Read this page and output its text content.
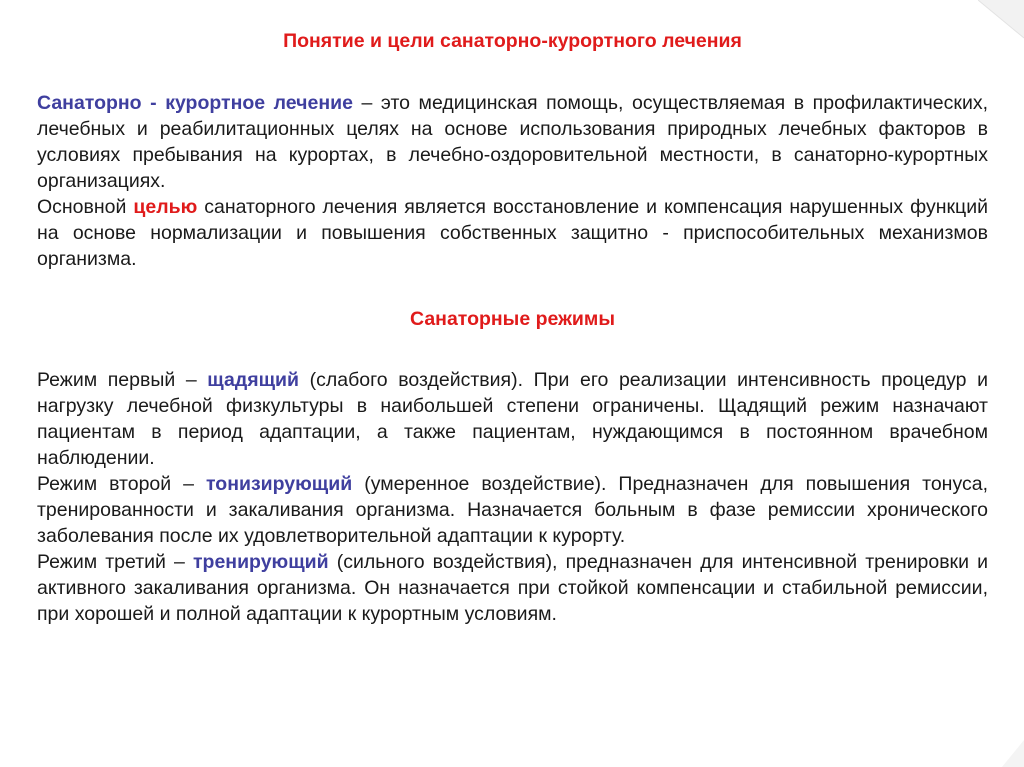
Понятие и цели санаторно-курортного лечения

Санаторно - курортное лечение – это медицинская помощь, осуществляемая в профилактических, лечебных и реабилитационных целях на основе использования природных лечебных факторов в условиях пребывания на курортах, в лечебно-оздоровительной местности, в санаторно-курортных организациях.

Основной целью санаторного лечения является восстановление и компенсация нарушенных функций на основе нормализации и повышения собственных защитно - приспособительных механизмов организма.

Санаторные режимы

Режим первый – щадящий (слабого воздействия). При его реализации интенсивность процедур и нагрузку лечебной физкультуры в наибольшей степени ограничены. Щадящий режим назначают пациентам в период адаптации, а также пациентам, нуждающимся в постоянном врачебном наблюдении.

Режим второй – тонизирующий (умеренное воздействие). Предназначен для повышения тонуса, тренированности и закаливания организма. Назначается больным в фазе ремиссии хронического заболевания после их удовлетворительной адаптации к курорту.

Режим третий – тренирующий (сильного воздействия), предназначен для интенсивной тренировки и активного закаливания организма. Он назначается при стойкой компенсации и стабильной ремиссии, при хорошей и полной адаптации к курортным условиям.
